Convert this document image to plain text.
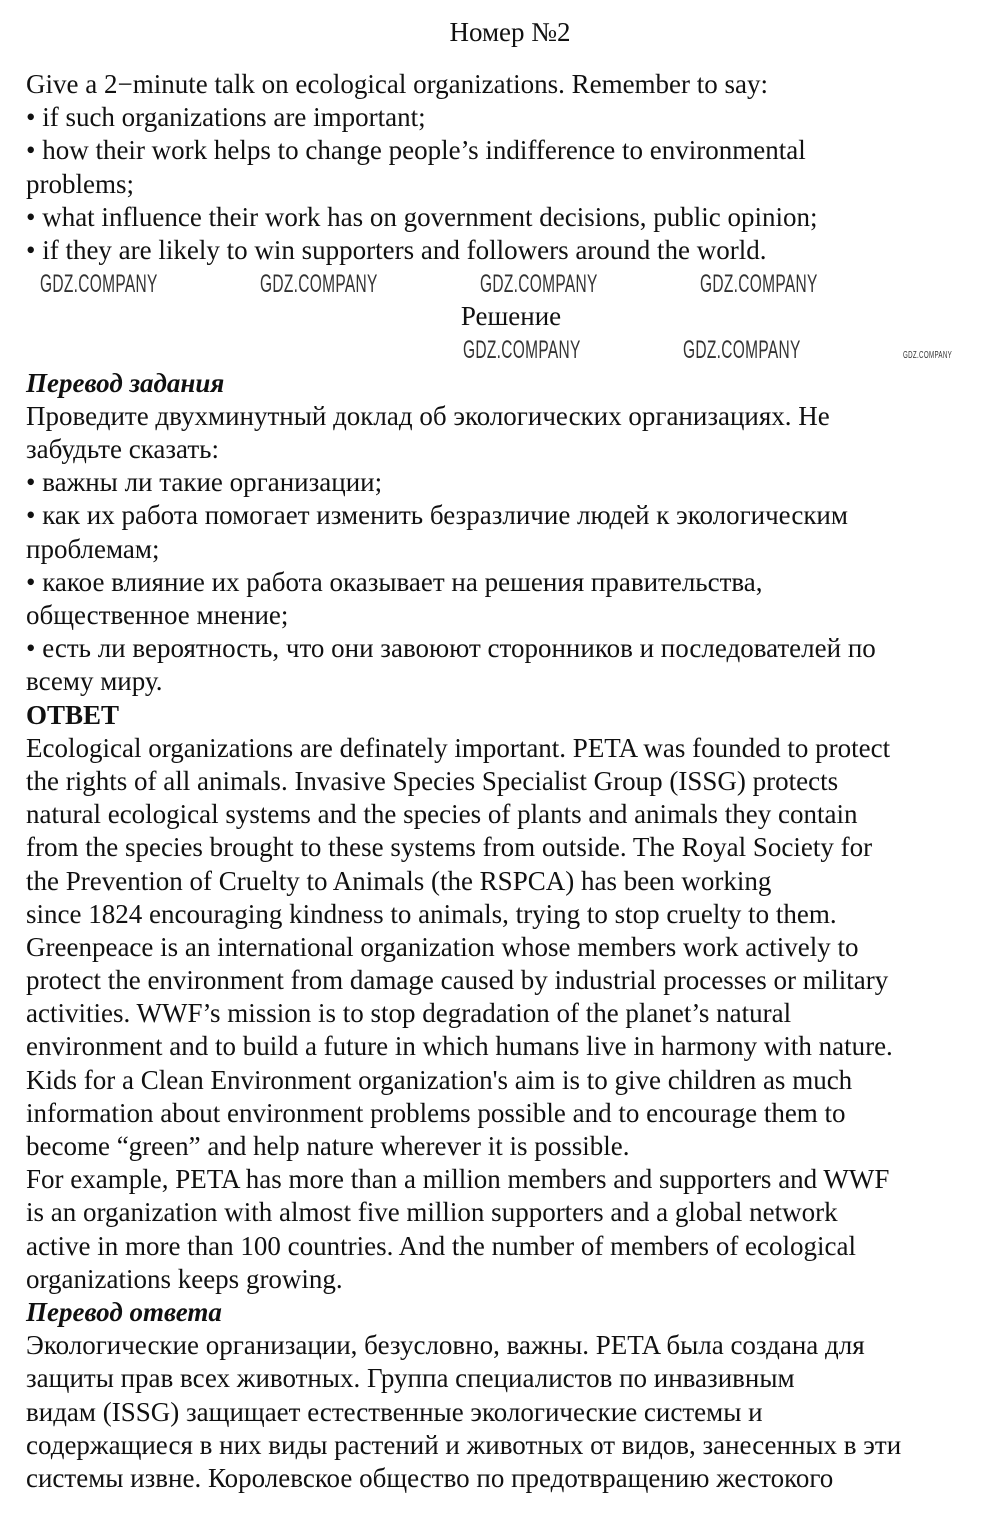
Номер №2
Give a 2−minute talk on ecological organizations. Remember to say:
• if such organizations are important;
• how their work helps to change people’s indifference to environmental
problems;
• what influence their work has on government decisions, public opinion;
• if they are likely to win supporters and followers around the world.
Решение
Перевод задания
Проведите двухминутный доклад об экологических организациях. Не
забудьте сказать:
• важны ли такие организации;
• как их работа помогает изменить безразличие людей к экологическим
проблемам;
• какое влияние их работа оказывает на решения правительства,
общественное мнение;
• есть ли вероятность, что они завоюют сторонников и последователей по
всему миру.
ОТВЕТ
Ecological organizations are definately important. PETA was founded to protect
the rights of all animals. Invasive Species Specialist Group (ISSG) protects
natural ecological systems and the species of plants and animals they contain
from the species brought to these systems from outside. The Royal Society for
the Prevention of Cruelty to Animals (the RSPCA) has been working
since 1824 encouraging kindness to animals, trying to stop cruelty to them.
Greenpeace is an international organization whose members work actively to
protect the environment from damage caused by industrial processes or military
activities. WWF’s mission is to stop degradation of the planet’s natural
environment and to build a future in which humans live in harmony with nature.
Kids for a Clean Environment organization's aim is to give children as much
information about environment problems possible and to encourage them to
become “green” and help nature wherever it is possible.
For example, PETA has more than a million members and supporters and WWF
is an organization with almost five million supporters and a global network
active in more than 100 countries. And the number of members of ecological
organizations keeps growing.
Перевод ответа
Экологические организации, безусловно, важны. PETA была создана для
защиты прав всех животных. Группа специалистов по инвазивным
видам (ISSG) защищает естественные экологические системы и
содержащиеся в них виды растений и животных от видов, занесенных в эти
системы извне. Королевское общество по предотвращению жестокого
GDZ.COMPANY	GDZ.COMPANY	GDZ.COMPANY	GDZ.COMPANY
GDZ.COMPANY
GDZ.COMPANY	GDZ.COMPANY
